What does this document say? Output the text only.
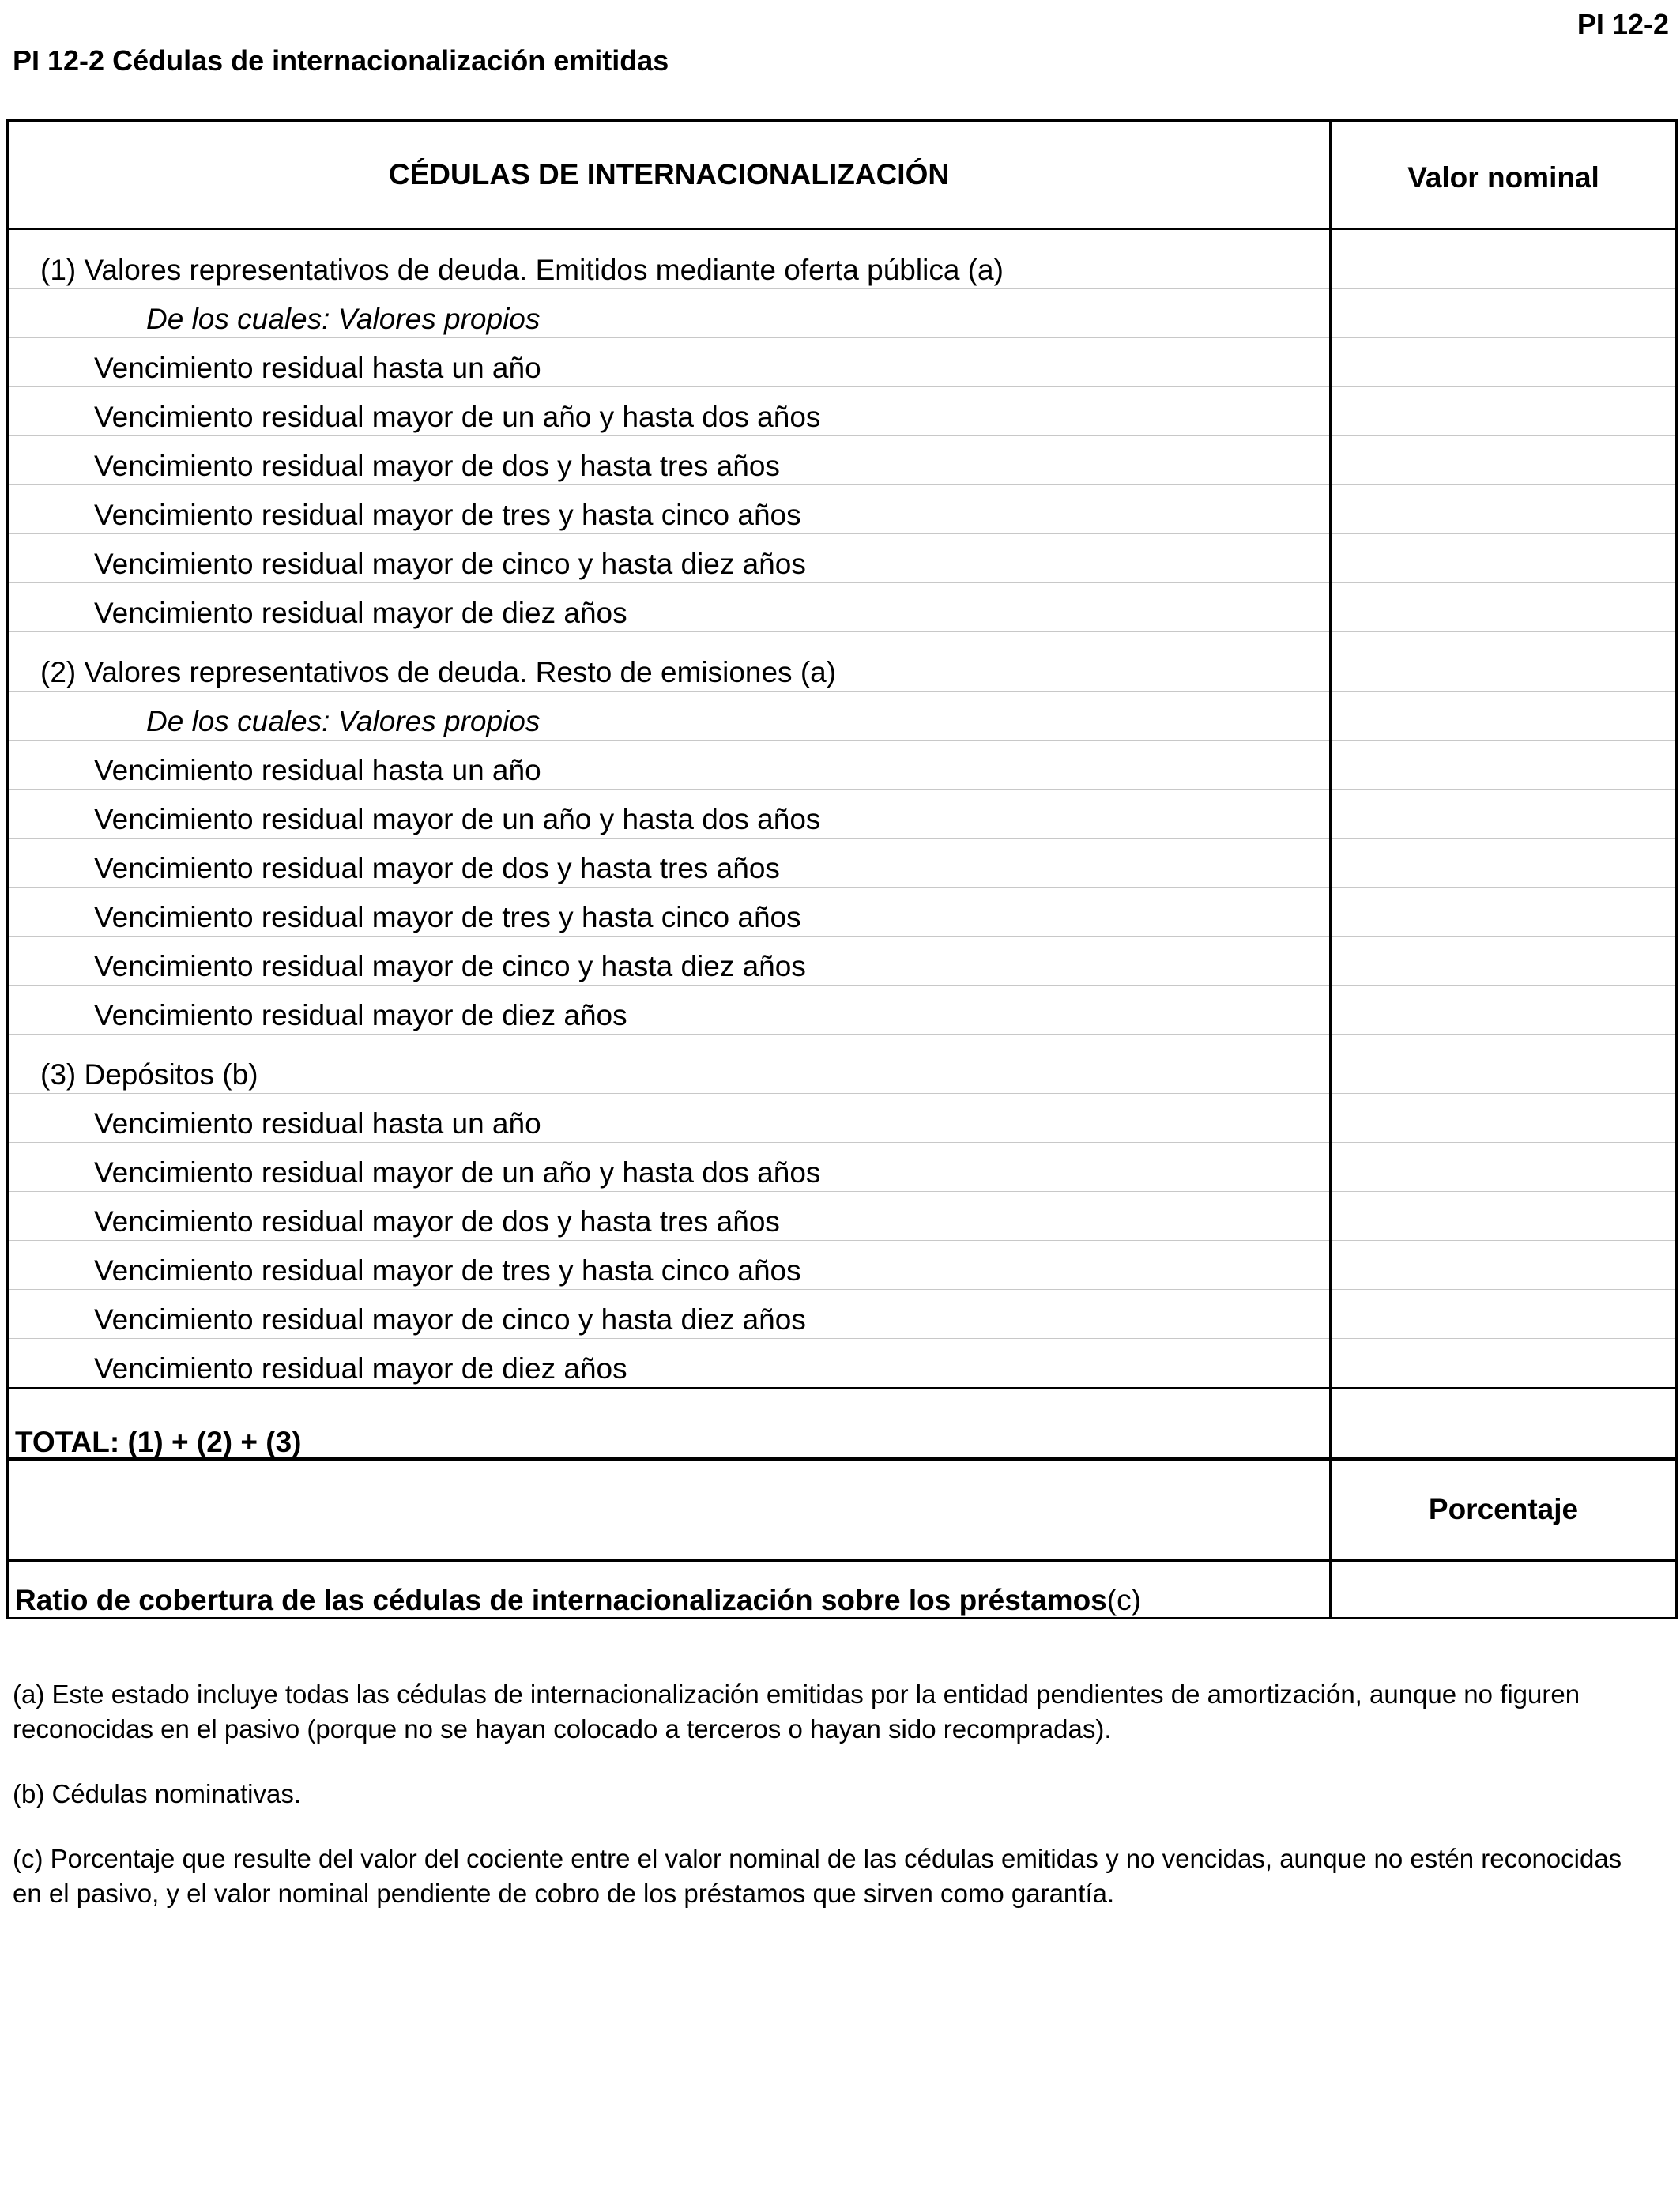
PI 12-2
PI 12-2 Cédulas de internacionalización emitidas
CÉDULAS DE INTERNACIONALIZACIÓN	Valor nominal
(1) Valores representativos de deuda. Emitidos mediante oferta pública (a)	
De los cuales: Valores propios	
Vencimiento residual hasta un año	
Vencimiento residual mayor de un año y hasta dos años	
Vencimiento residual mayor de dos y hasta tres años	
Vencimiento residual mayor de tres y hasta cinco años	
Vencimiento residual mayor de cinco y hasta diez años	
Vencimiento residual mayor de diez años	
(2) Valores representativos de deuda. Resto de emisiones (a)	
De los cuales: Valores propios	
Vencimiento residual hasta un año	
Vencimiento residual mayor de un año y hasta dos años	
Vencimiento residual mayor de dos y hasta tres años	
Vencimiento residual mayor de tres y hasta cinco años	
Vencimiento residual mayor de cinco y hasta diez años	
Vencimiento residual mayor de diez años	
(3) Depósitos (b)	
Vencimiento residual hasta un año	
Vencimiento residual mayor de un año y hasta dos años	
Vencimiento residual mayor de dos y hasta tres años	
Vencimiento residual mayor de tres y hasta cinco años	
Vencimiento residual mayor de cinco y hasta diez años	
Vencimiento residual mayor de diez años	
TOTAL: (1) + (2) + (3)	
	Porcentaje
Ratio de cobertura de las cédulas de internacionalización sobre los préstamos(c)	

(a) Este estado incluye todas las cédulas de internacionalización emitidas por la entidad pendientes de amortización, aunque no figuren reconocidas en el pasivo (porque no se hayan colocado a terceros o hayan sido recompradas).

(b) Cédulas nominativas.

(c) Porcentaje que resulte del valor del cociente entre el valor nominal de las cédulas emitidas y no vencidas, aunque no estén reconocidas en el pasivo, y el valor nominal pendiente de cobro de los préstamos que sirven como garantía.
